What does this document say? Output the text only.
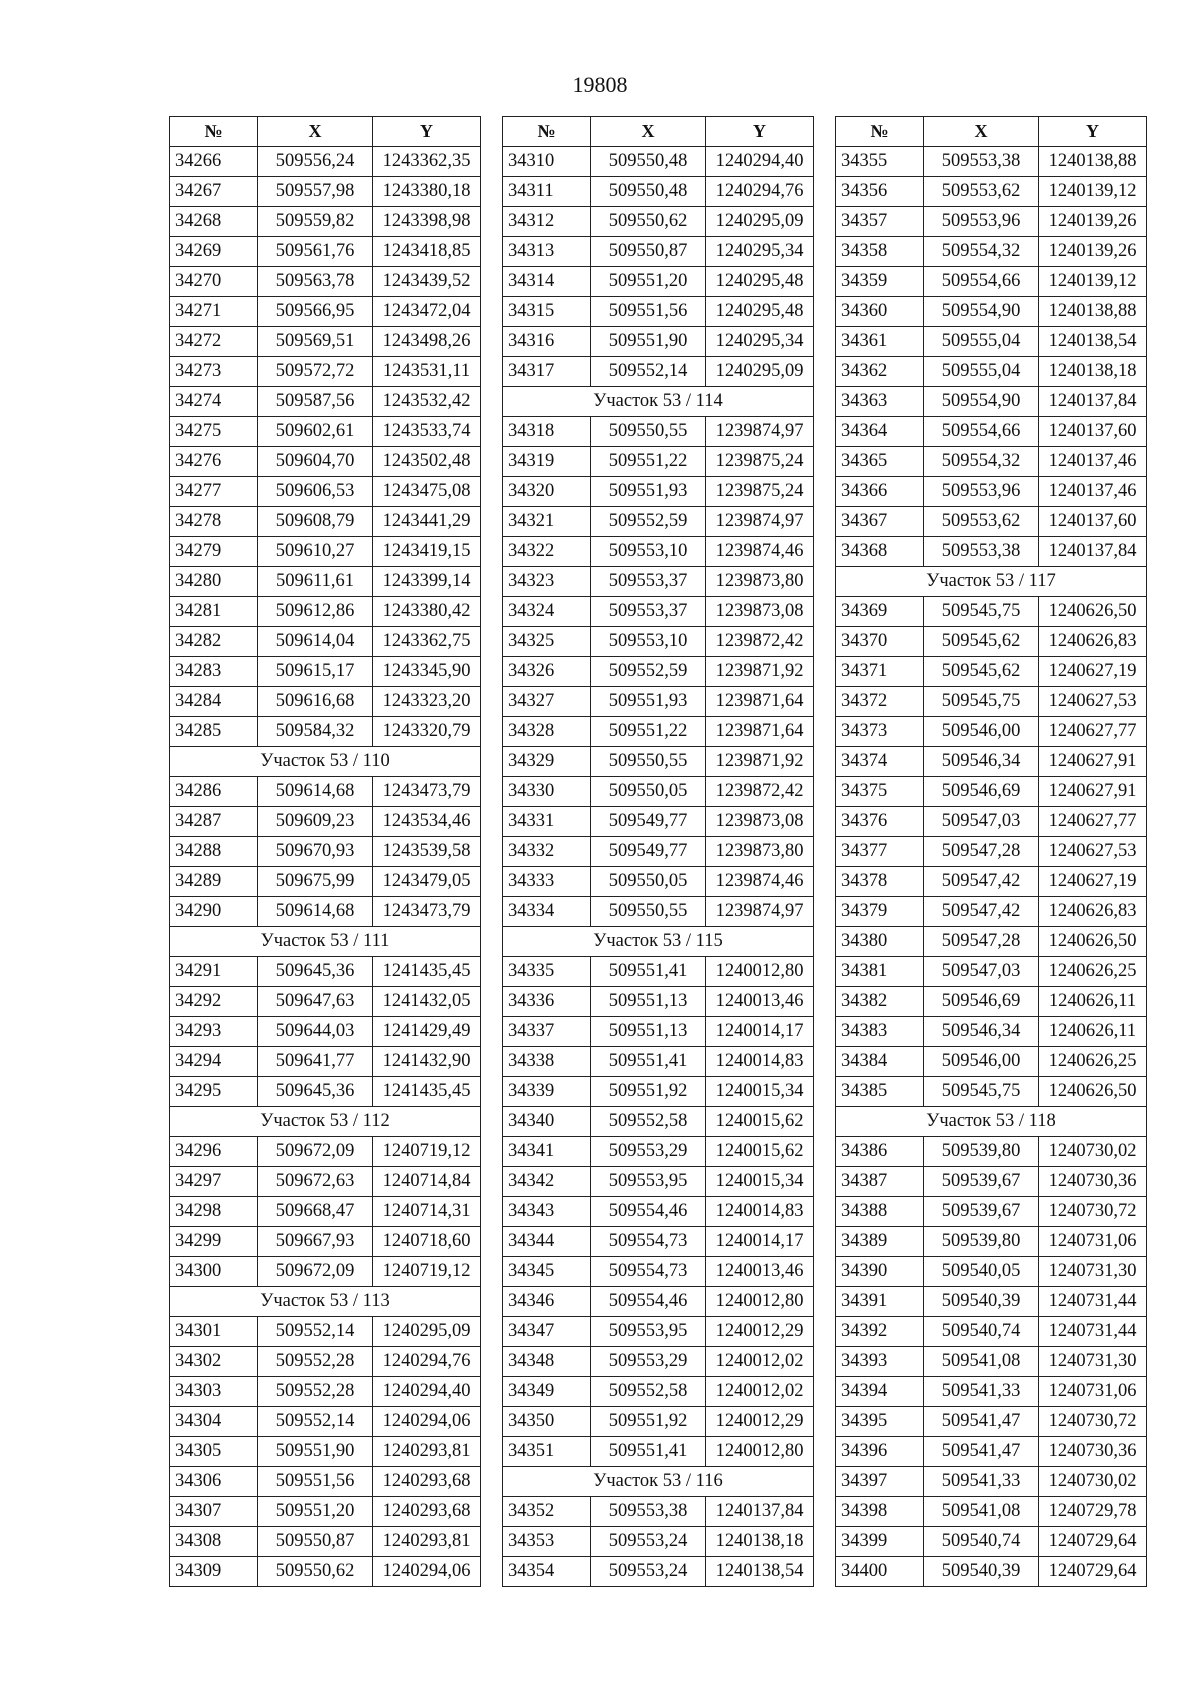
19808
№	X	Y
34266	509556,24	1243362,35
34267	509557,98	1243380,18
34268	509559,82	1243398,98
34269	509561,76	1243418,85
34270	509563,78	1243439,52
34271	509566,95	1243472,04
34272	509569,51	1243498,26
34273	509572,72	1243531,11
34274	509587,56	1243532,42
34275	509602,61	1243533,74
34276	509604,70	1243502,48
34277	509606,53	1243475,08
34278	509608,79	1243441,29
34279	509610,27	1243419,15
34280	509611,61	1243399,14
34281	509612,86	1243380,42
34282	509614,04	1243362,75
34283	509615,17	1243345,90
34284	509616,68	1243323,20
34285	509584,32	1243320,79
Участок 53 / 110		
34286	509614,68	1243473,79
34287	509609,23	1243534,46
34288	509670,93	1243539,58
34289	509675,99	1243479,05
34290	509614,68	1243473,79
Участок 53 / 111		
34291	509645,36	1241435,45
34292	509647,63	1241432,05
34293	509644,03	1241429,49
34294	509641,77	1241432,90
34295	509645,36	1241435,45
Участок 53 / 112		
34296	509672,09	1240719,12
34297	509672,63	1240714,84
34298	509668,47	1240714,31
34299	509667,93	1240718,60
34300	509672,09	1240719,12
Участок 53 / 113		
34301	509552,14	1240295,09
34302	509552,28	1240294,76
34303	509552,28	1240294,40
34304	509552,14	1240294,06
34305	509551,90	1240293,81
34306	509551,56	1240293,68
34307	509551,20	1240293,68
34308	509550,87	1240293,81
34309	509550,62	1240294,06
№	X	Y
34310	509550,48	1240294,40
34311	509550,48	1240294,76
34312	509550,62	1240295,09
34313	509550,87	1240295,34
34314	509551,20	1240295,48
34315	509551,56	1240295,48
34316	509551,90	1240295,34
34317	509552,14	1240295,09
Участок 53 / 114		
34318	509550,55	1239874,97
34319	509551,22	1239875,24
34320	509551,93	1239875,24
34321	509552,59	1239874,97
34322	509553,10	1239874,46
34323	509553,37	1239873,80
34324	509553,37	1239873,08
34325	509553,10	1239872,42
34326	509552,59	1239871,92
34327	509551,93	1239871,64
34328	509551,22	1239871,64
34329	509550,55	1239871,92
34330	509550,05	1239872,42
34331	509549,77	1239873,08
34332	509549,77	1239873,80
34333	509550,05	1239874,46
34334	509550,55	1239874,97
Участок 53 / 115		
34335	509551,41	1240012,80
34336	509551,13	1240013,46
34337	509551,13	1240014,17
34338	509551,41	1240014,83
34339	509551,92	1240015,34
34340	509552,58	1240015,62
34341	509553,29	1240015,62
34342	509553,95	1240015,34
34343	509554,46	1240014,83
34344	509554,73	1240014,17
34345	509554,73	1240013,46
34346	509554,46	1240012,80
34347	509553,95	1240012,29
34348	509553,29	1240012,02
34349	509552,58	1240012,02
34350	509551,92	1240012,29
34351	509551,41	1240012,80
Участок 53 / 116		
34352	509553,38	1240137,84
34353	509553,24	1240138,18
34354	509553,24	1240138,54
№	X	Y
34355	509553,38	1240138,88
34356	509553,62	1240139,12
34357	509553,96	1240139,26
34358	509554,32	1240139,26
34359	509554,66	1240139,12
34360	509554,90	1240138,88
34361	509555,04	1240138,54
34362	509555,04	1240138,18
34363	509554,90	1240137,84
34364	509554,66	1240137,60
34365	509554,32	1240137,46
34366	509553,96	1240137,46
34367	509553,62	1240137,60
34368	509553,38	1240137,84
Участок 53 / 117		
34369	509545,75	1240626,50
34370	509545,62	1240626,83
34371	509545,62	1240627,19
34372	509545,75	1240627,53
34373	509546,00	1240627,77
34374	509546,34	1240627,91
34375	509546,69	1240627,91
34376	509547,03	1240627,77
34377	509547,28	1240627,53
34378	509547,42	1240627,19
34379	509547,42	1240626,83
34380	509547,28	1240626,50
34381	509547,03	1240626,25
34382	509546,69	1240626,11
34383	509546,34	1240626,11
34384	509546,00	1240626,25
34385	509545,75	1240626,50
Участок 53 / 118		
34386	509539,80	1240730,02
34387	509539,67	1240730,36
34388	509539,67	1240730,72
34389	509539,80	1240731,06
34390	509540,05	1240731,30
34391	509540,39	1240731,44
34392	509540,74	1240731,44
34393	509541,08	1240731,30
34394	509541,33	1240731,06
34395	509541,47	1240730,72
34396	509541,47	1240730,36
34397	509541,33	1240730,02
34398	509541,08	1240729,78
34399	509540,74	1240729,64
34400	509540,39	1240729,64
